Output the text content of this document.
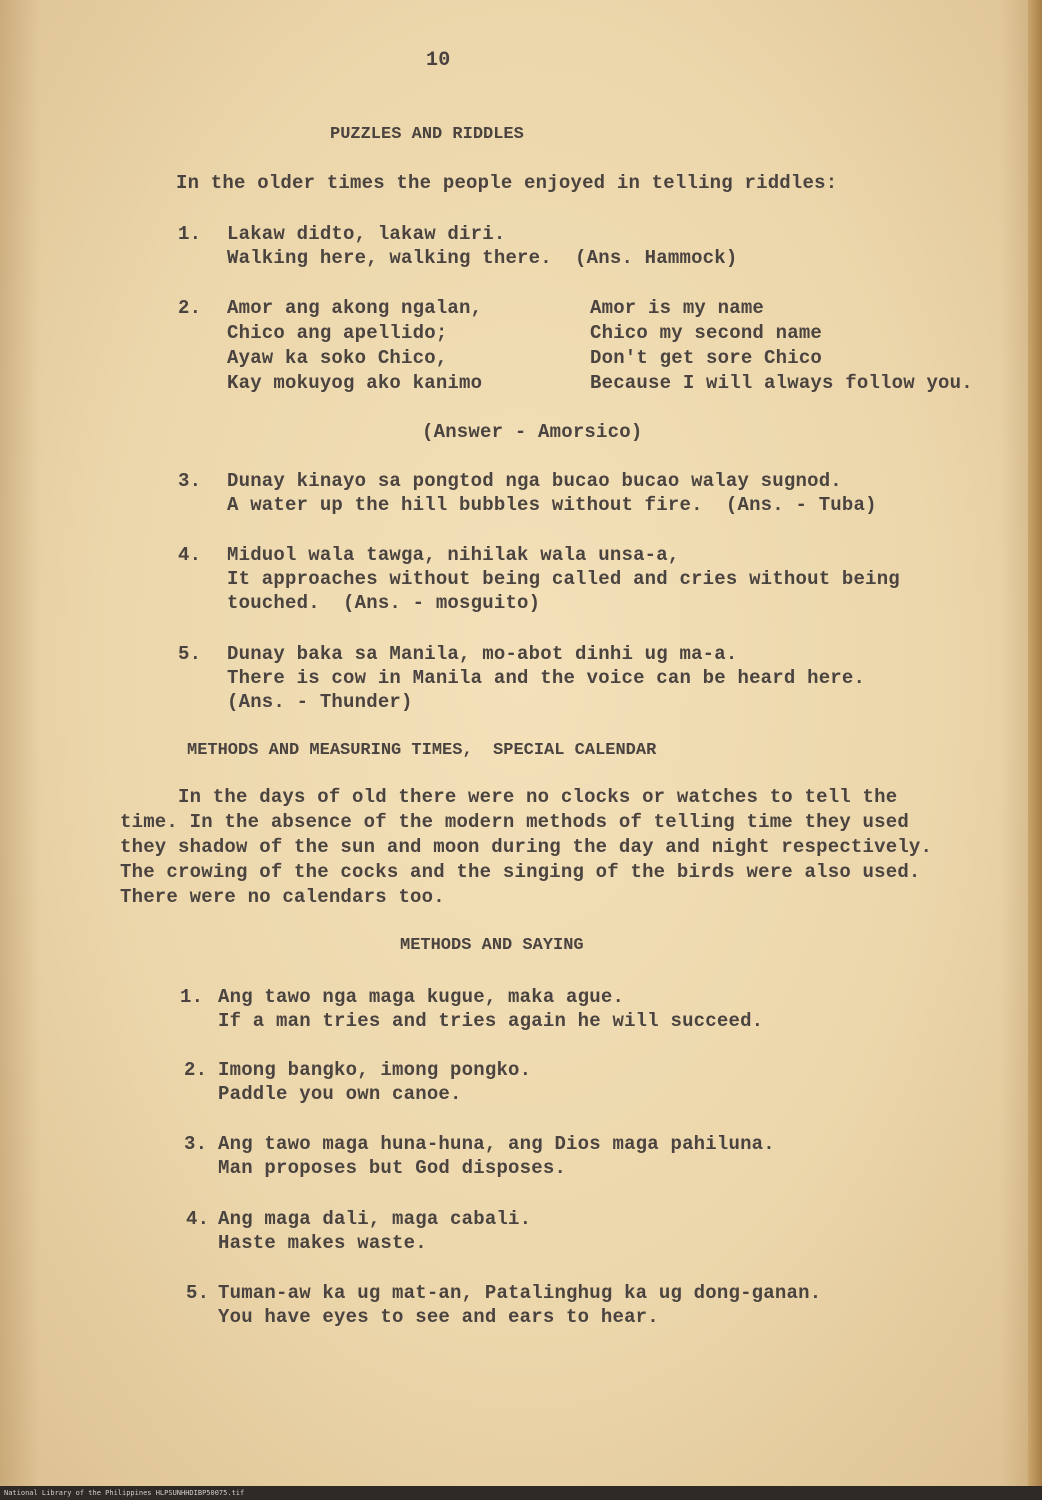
10
PUZZLES AND RIDDLES
In the older times the people enjoyed in telling riddles:
1. Lakaw didto, lakaw diri.
Walking here, walking there.  (Ans. Hammock)
2. Amor ang akong ngalan,
Chico ang apellido;
Ayaw ka soko Chico,
Kay mokuyog ako kanimo
Amor is my name
Chico my second name
Don't get sore Chico
Because I will always follow you.
(Answer - Amorsico)
3. Dunay kinayo sa pongtod nga bucao bucao walay sugnod.
A water up the hill bubbles without fire.  (Ans. - Tuba)
4. Miduol wala tawga, nihilak wala unsa-a,
It approaches without being called and cries without being
touched.  (Ans. - mosguito)
5. Dunay baka sa Manila, mo-abot dinhi ug ma-a.
There is cow in Manila and the voice can be heard here.
(Ans. - Thunder)
METHODS AND MEASURING TIMES,  SPECIAL CALENDAR
In the days of old there were no clocks or watches to tell the
time. In the absence of the modern methods of telling time they used
they shadow of the sun and moon during the day and night respectively.
The crowing of the cocks and the singing of the birds were also used.
There were no calendars too.
METHODS AND SAYING
1. Ang tawo nga maga kugue, maka ague.
If a man tries and tries again he will succeed.
2. Imong bangko, imong pongko.
Paddle you own canoe.
3. Ang tawo maga huna-huna, ang Dios maga pahiluna.
Man proposes but God disposes.
4. Ang maga dali, maga cabali.
Haste makes waste.
5. Tuman-aw ka ug mat-an, Patalinghug ka ug dong-ganan.
You have eyes to see and ears to hear.
National Library of the Philippines HLPSUNHHDIBP50075.tif
